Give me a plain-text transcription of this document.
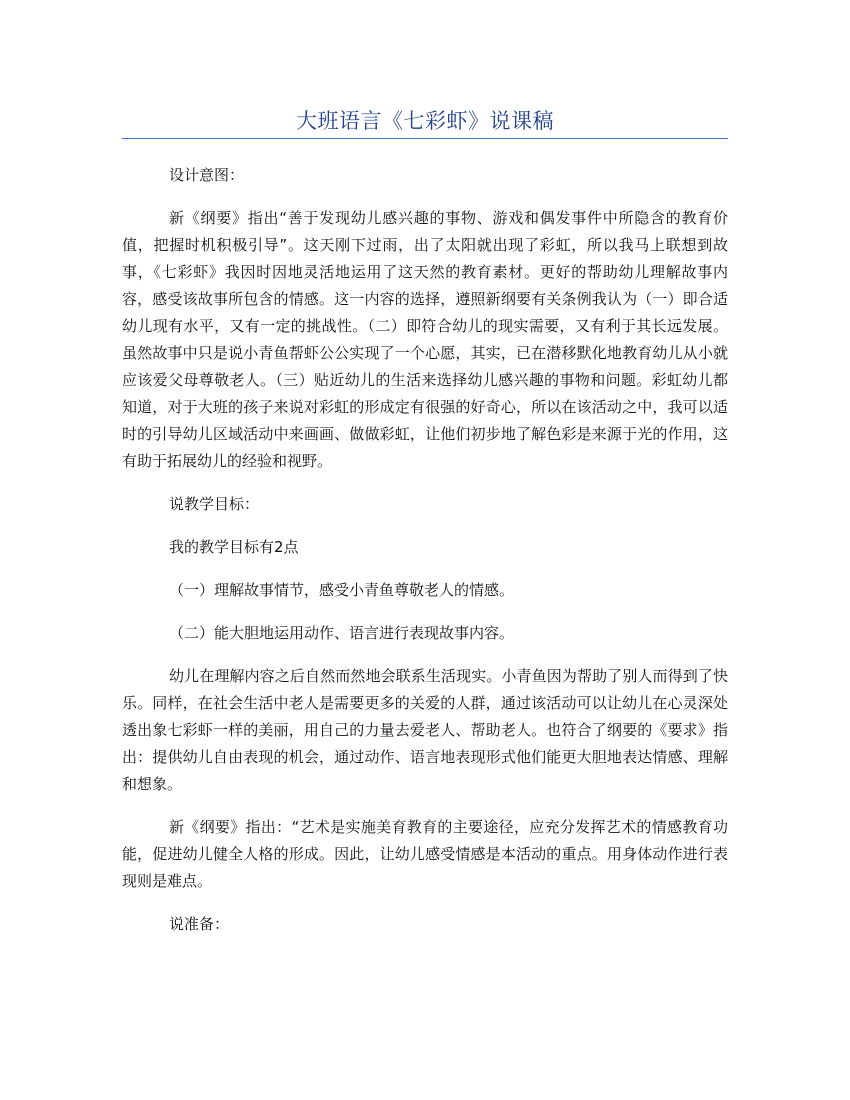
大班语言《七彩虾》说课稿

设计意图：

新《纲要》指出“善于发现幼儿感兴趣的事物、游戏和偶发事件中所隐含的教育价值，把握时机积极引导”。这天刚下过雨，出了太阳就出现了彩虹，所以我马上联想到故事，《七彩虾》我因时因地灵活地运用了这天然的教育素材。更好的帮助幼儿理解故事内容，感受该故事所包含的情感。这一内容的选择，遵照新纲要有关条例我认为（一）即合适幼儿现有水平，又有一定的挑战性。（二）即符合幼儿的现实需要，又有利于其长远发展。虽然故事中只是说小青鱼帮虾公公实现了一个心愿，其实，已在潜移默化地教育幼儿从小就应该爱父母尊敬老人。（三）贴近幼儿的生活来选择幼儿感兴趣的事物和问题。彩虹幼儿都知道，对于大班的孩子来说对彩虹的形成定有很强的好奇心，所以在该活动之中，我可以适时的引导幼儿区域活动中来画画、做做彩虹，让他们初步地了解色彩是来源于光的作用，这有助于拓展幼儿的经验和视野。

说教学目标：

我的教学目标有2点

（一）理解故事情节，感受小青鱼尊敬老人的情感。

（二）能大胆地运用动作、语言进行表现故事内容。

幼儿在理解内容之后自然而然地会联系生活现实。小青鱼因为帮助了别人而得到了快乐。同样，在社会生活中老人是需要更多的关爱的人群，通过该活动可以让幼儿在心灵深处透出象七彩虾一样的美丽，用自己的力量去爱老人、帮助老人。也符合了纲要的《要求》指出：提供幼儿自由表现的机会，通过动作、语言地表现形式他们能更大胆地表达情感、理解和想象。

新《纲要》指出：“艺术是实施美育教育的主要途径，应充分发挥艺术的情感教育功能，促进幼儿健全人格的形成。因此，让幼儿感受情感是本活动的重点。用身体动作进行表现则是难点。

说准备：
